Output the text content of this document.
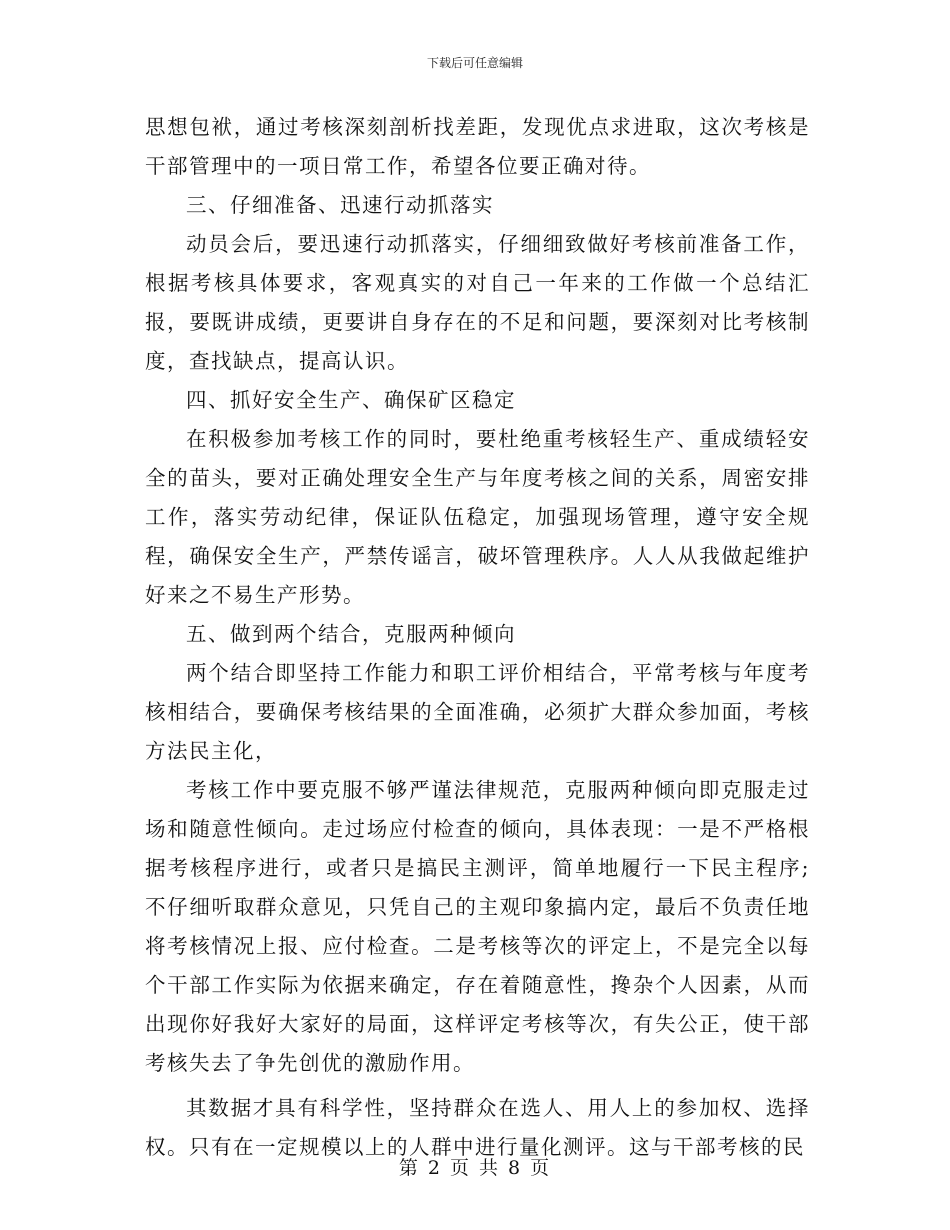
下载后可任意编辑

思想包袱，通过考核深刻剖析找差距，发现优点求进取，这次考核是干部管理中的一项日常工作，希望各位要正确对待。

三、仔细准备、迅速行动抓落实

动员会后，要迅速行动抓落实，仔细细致做好考核前准备工作，根据考核具体要求，客观真实的对自己一年来的工作做一个总结汇报，要既讲成绩，更要讲自身存在的不足和问题，要深刻对比考核制度，查找缺点，提高认识。

四、抓好安全生产、确保矿区稳定

在积极参加考核工作的同时，要杜绝重考核轻生产、重成绩轻安全的苗头，要对正确处理安全生产与年度考核之间的关系，周密安排工作，落实劳动纪律，保证队伍稳定，加强现场管理，遵守安全规程，确保安全生产，严禁传谣言，破坏管理秩序。人人从我做起维护好来之不易生产形势。

五、做到两个结合，克服两种倾向

两个结合即坚持工作能力和职工评价相结合，平常考核与年度考核相结合，要确保考核结果的全面准确，必须扩大群众参加面，考核方法民主化，

考核工作中要克服不够严谨法律规范，克服两种倾向即克服走过场和随意性倾向。走过场应付检查的倾向，具体表现：一是不严格根据考核程序进行，或者只是搞民主测评，简单地履行一下民主程序;不仔细听取群众意见，只凭自己的主观印象搞内定，最后不负责任地将考核情况上报、应付检查。二是考核等次的评定上，不是完全以每个干部工作实际为依据来确定，存在着随意性，搀杂个人因素，从而出现你好我好大家好的局面，这样评定考核等次，有失公正，使干部考核失去了争先创优的激励作用。

其数据才具有科学性，坚持群众在选人、用人上的参加权、选择权。只有在一定规模以上的人群中进行量化测评。这与干部考核的民

第 2 页 共 8 页
